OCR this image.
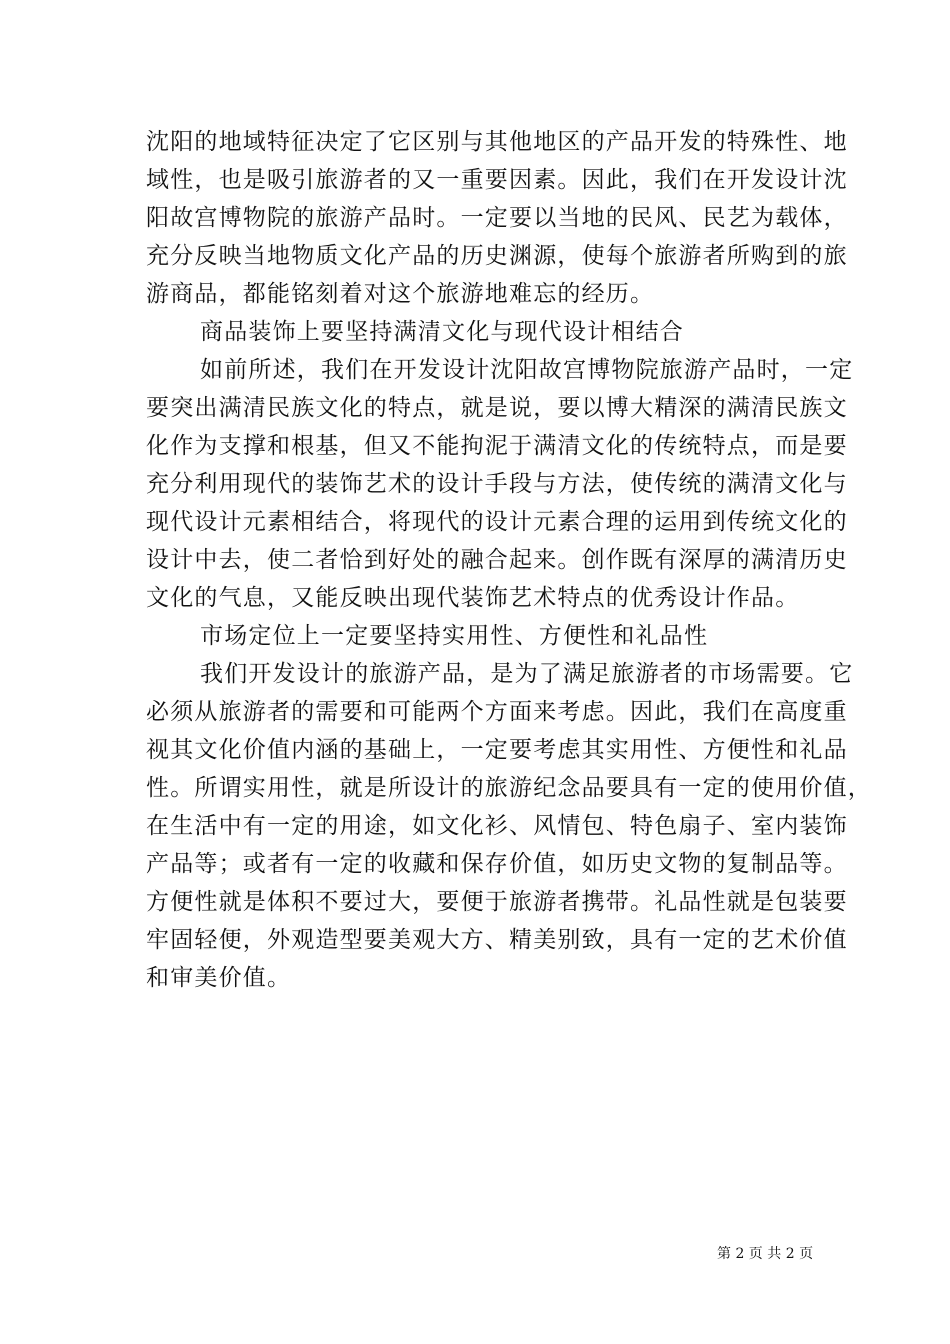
沈阳的地域特征决定了它区别与其他地区的产品开发的特殊性、地
域性，也是吸引旅游者的又一重要因素。因此，我们在开发设计沈
阳故宫博物院的旅游产品时。一定要以当地的民风、民艺为载体，
充分反映当地物质文化产品的历史渊源，使每个旅游者所购到的旅
游商品，都能铭刻着对这个旅游地难忘的经历。
商品装饰上要坚持满清文化与现代设计相结合
如前所述，我们在开发设计沈阳故宫博物院旅游产品时，一定
要突出满清民族文化的特点，就是说，要以博大精深的满清民族文
化作为支撑和根基，但又不能拘泥于满清文化的传统特点，而是要
充分利用现代的装饰艺术的设计手段与方法，使传统的满清文化与
现代设计元素相结合，将现代的设计元素合理的运用到传统文化的
设计中去，使二者恰到好处的融合起来。创作既有深厚的满清历史
文化的气息，又能反映出现代装饰艺术特点的优秀设计作品。
市场定位上一定要坚持实用性、方便性和礼品性
我们开发设计的旅游产品，是为了满足旅游者的市场需要。它
必须从旅游者的需要和可能两个方面来考虑。因此，我们在高度重
视其文化价值内涵的基础上，一定要考虑其实用性、方便性和礼品
性。所谓实用性，就是所设计的旅游纪念品要具有一定的使用价值，
在生活中有一定的用途，如文化衫、风情包、特色扇子、室内装饰
产品等；或者有一定的收藏和保存价值，如历史文物的复制品等。
方便性就是体积不要过大，要便于旅游者携带。礼品性就是包装要
牢固轻便，外观造型要美观大方、精美别致，具有一定的艺术价值
和审美价值。
第 2 页 共 2 页
